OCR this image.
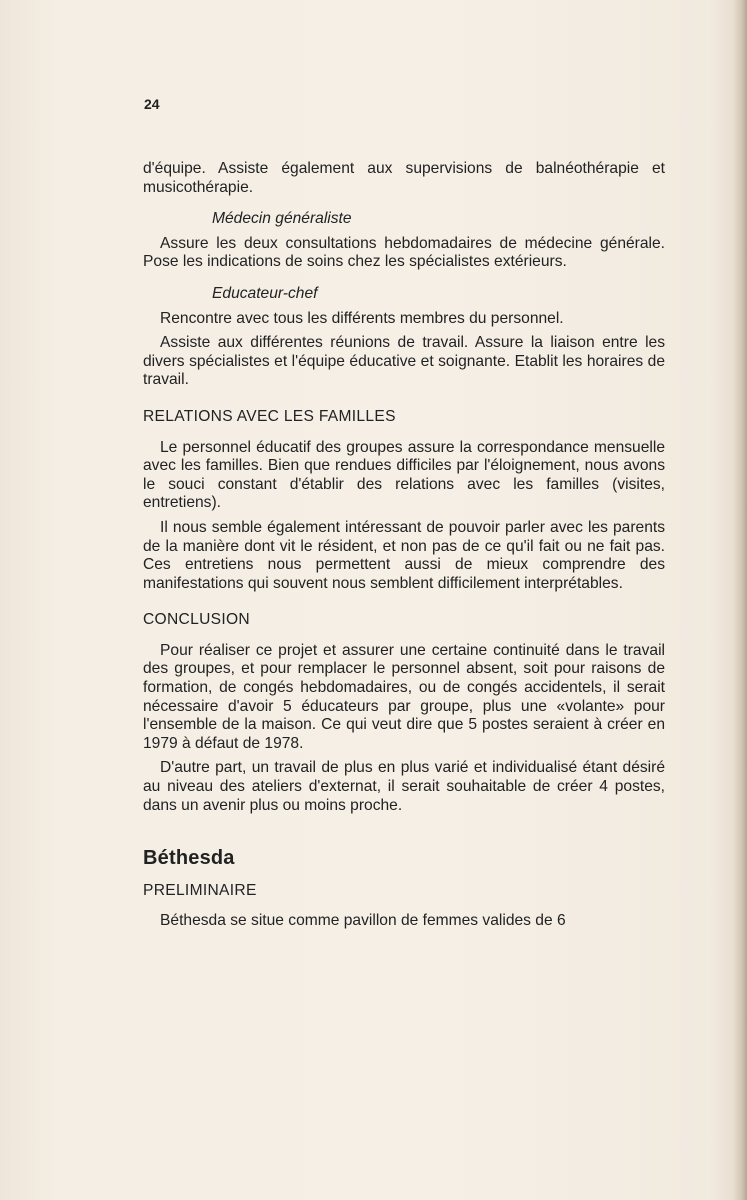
24

d'équipe. Assiste également aux supervisions de balnéothérapie et musicothérapie.

Médecin généraliste

Assure les deux consultations hebdomadaires de médecine générale. Pose les indications de soins chez les spécialistes extérieurs.

Educateur-chef

Rencontre avec tous les différents membres du personnel.

Assiste aux différentes réunions de travail. Assure la liaison entre les divers spécialistes et l'équipe éducative et soignante. Etablit les horaires de travail.

RELATIONS AVEC LES FAMILLES

Le personnel éducatif des groupes assure la correspondance mensuelle avec les familles. Bien que rendues difficiles par l'éloignement, nous avons le souci constant d'établir des relations avec les familles (visites, entretiens).

Il nous semble également intéressant de pouvoir parler avec les parents de la manière dont vit le résident, et non pas de ce qu'il fait ou ne fait pas. Ces entretiens nous permettent aussi de mieux comprendre des manifestations qui souvent nous semblent difficilement interprétables.

CONCLUSION

Pour réaliser ce projet et assurer une certaine continuité dans le travail des groupes, et pour remplacer le personnel absent, soit pour raisons de formation, de congés hebdomadaires, ou de congés accidentels, il serait nécessaire d'avoir 5 éducateurs par groupe, plus une «volante» pour l'ensemble de la maison. Ce qui veut dire que 5 postes seraient à créer en 1979 à défaut de 1978.

D'autre part, un travail de plus en plus varié et individualisé étant désiré au niveau des ateliers d'externat, il serait souhaitable de créer 4 postes, dans un avenir plus ou moins proche.

Béthesda

PRELIMINAIRE

Béthesda se situe comme pavillon de femmes valides de 6
